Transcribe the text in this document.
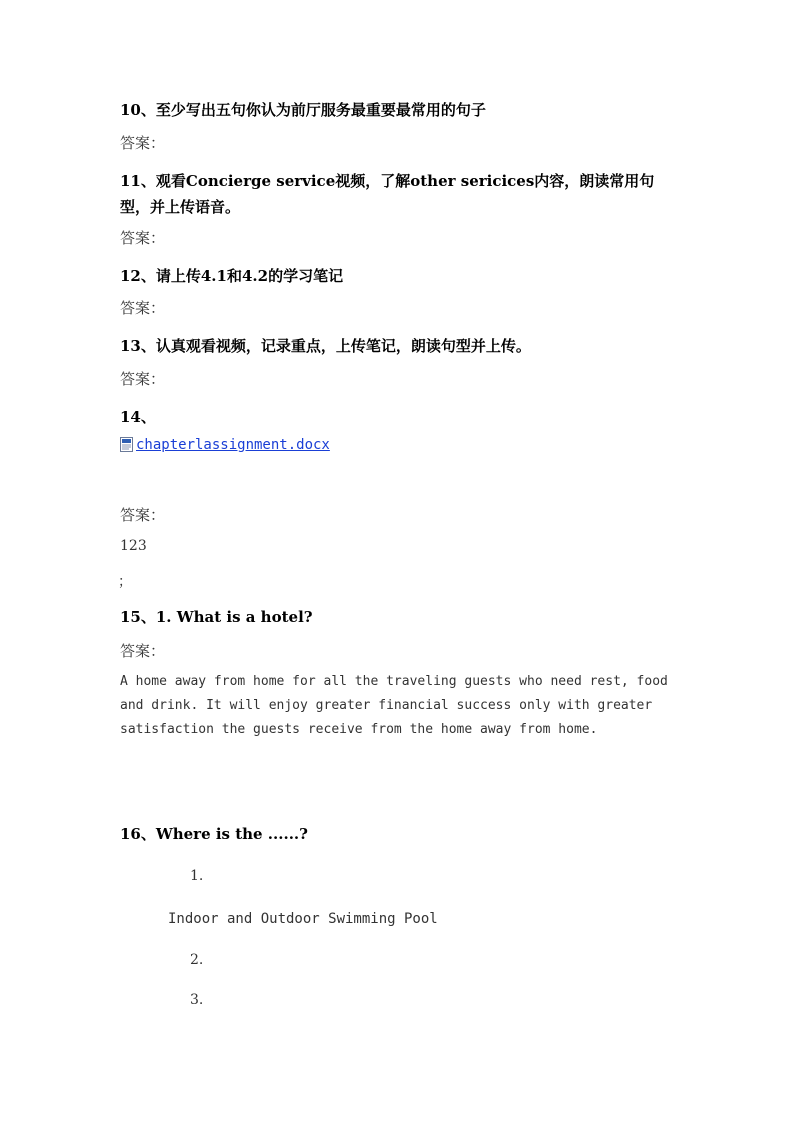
10、至少写出五句你认为前厅服务最重要最常用的句子

答案：

11、观看Concierge service视频，了解other sericices内容，朗读常用句型，并上传语音。

答案：

12、请上传4.1和4.2的学习笔记

答案：

13、认真观看视频，记录重点，上传笔记，朗读句型并上传。

答案：

14、

chapterlassignment.docx

答案：

123

；

15、1. What is a hotel?

答案：

A home away from home for all the traveling guests who need rest, food and drink. It will enjoy greater financial success only with greater satisfaction the guests receive from the home away from home.

16、Where is the ......?

1.

Indoor and Outdoor Swimming Pool

2.

3.
